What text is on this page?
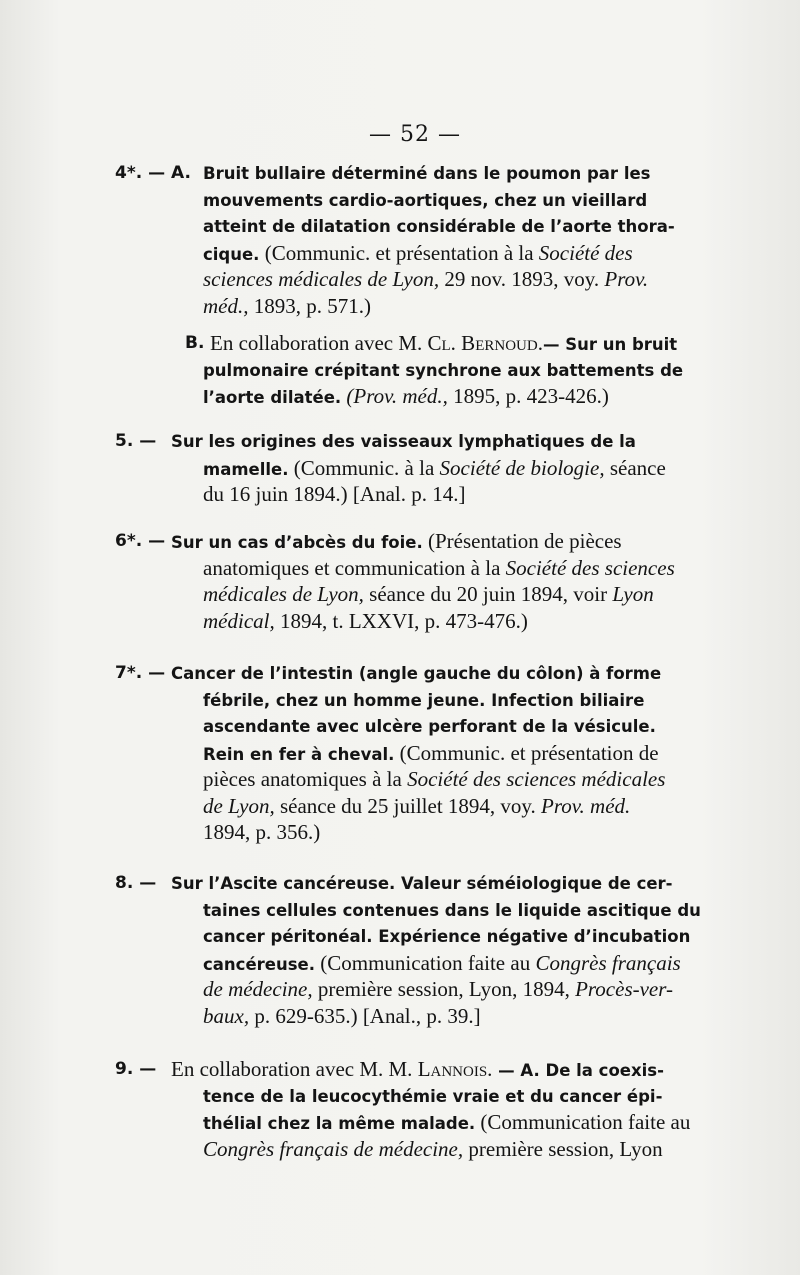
— 52 —
4*. — A. Bruit bullaire déterminé dans le poumon par les
mouvements cardio-aortiques, chez un vieillard
atteint de dilatation considérable de l’aorte thora-
cique. (Communic. et présentation à la Société des
sciences médicales de Lyon, 29 nov. 1893, voy. Prov.
méd., 1893, p. 571.)
B. En collaboration avec M. Cl. Bernoud.— Sur un bruit
pulmonaire crépitant synchrone aux battements de
l’aorte dilatée. (Prov. méd., 1895, p. 423-426.)
5. — Sur les origines des vaisseaux lymphatiques de la
mamelle. (Communic. à la Société de biologie, séance
du 16 juin 1894.) [Anal. p. 14.]
6*. — Sur un cas d’abcès du foie. (Présentation de pièces
anatomiques et communication à la Société des sciences
médicales de Lyon, séance du 20 juin 1894, voir Lyon
médical, 1894, t. LXXVI, p. 473-476.)
7*. — Cancer de l’intestin (angle gauche du côlon) à forme
fébrile, chez un homme jeune. Infection biliaire
ascendante avec ulcère perforant de la vésicule.
Rein en fer à cheval. (Communic. et présentation de
pièces anatomiques à la Société des sciences médicales
de Lyon, séance du 25 juillet 1894, voy. Prov. méd.
1894, p. 356.)
8. — Sur l’Ascite cancéreuse. Valeur séméiologique de cer-
taines cellules contenues dans le liquide ascitique du
cancer péritonéal. Expérience négative d’incubation
cancéreuse. (Communication faite au Congrès français
de médecine, première session, Lyon, 1894, Procès-ver-
baux, p. 629-635.) [Anal., p. 39.]
9. — En collaboration avec M. M. Lannois. — A. De la coexis-
tence de la leucocythémie vraie et du cancer épi-
thélial chez la même malade. (Communication faite au
Congrès français de médecine, première session, Lyon
